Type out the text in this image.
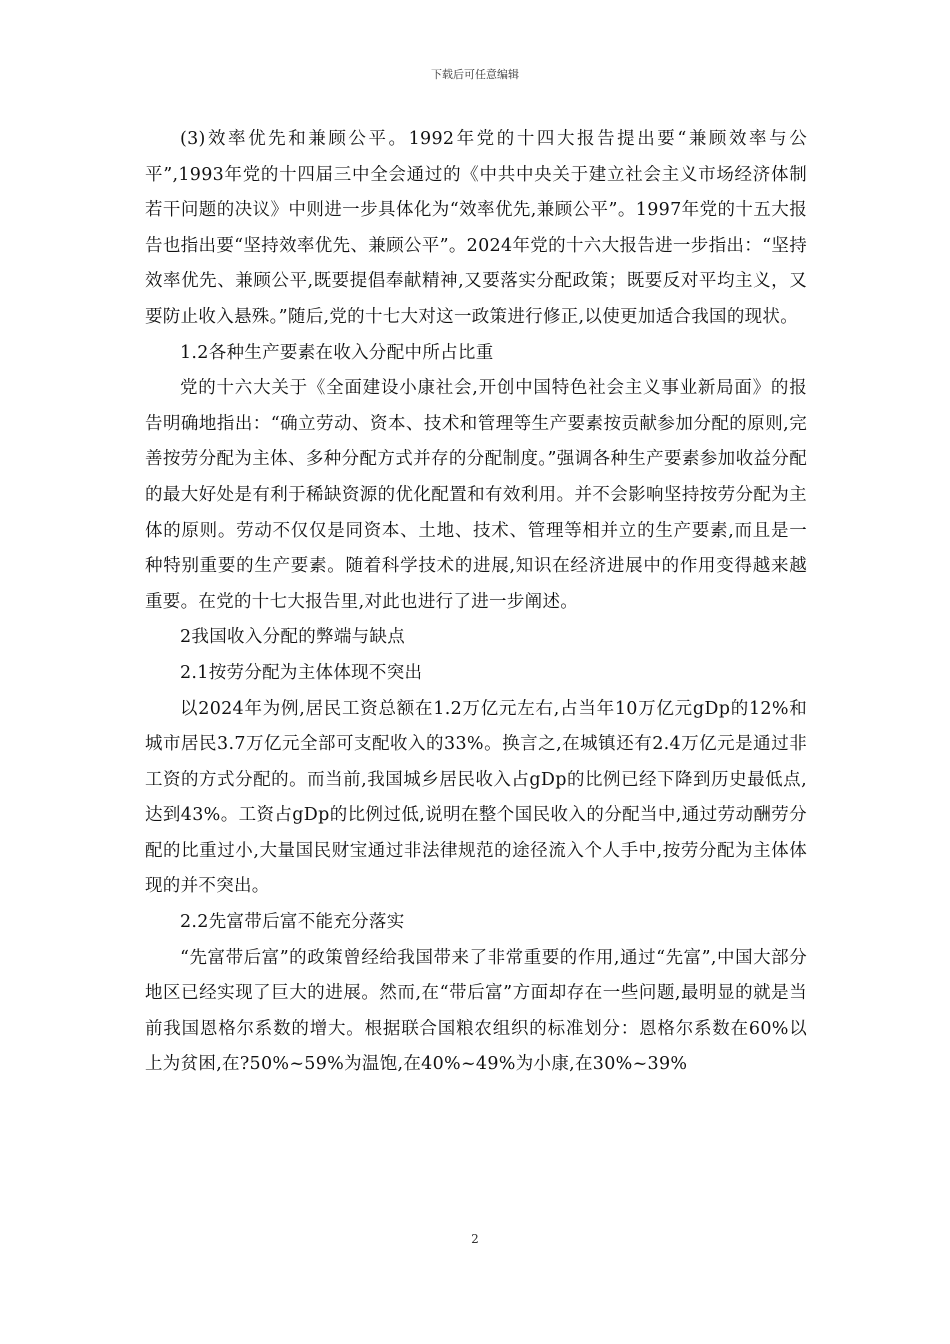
下载后可任意编辑

(3)效率优先和兼顾公平。1992年党的十四大报告提出要“兼顾效率与公平”,1993年党的十四届三中全会通过的《中共中央关于建立社会主义市场经济体制若干问题的决议》中则进一步具体化为“效率优先,兼顾公平”。1997年党的十五大报告也指出要“坚持效率优先、兼顾公平”。2024年党的十六大报告进一步指出：“坚持效率优先、兼顾公平,既要提倡奉献精神,又要落实分配政策；既要反对平均主义，又要防止收入悬殊。”随后,党的十七大对这一政策进行修正,以使更加适合我国的现状。

1.2各种生产要素在收入分配中所占比重

党的十六大关于《全面建设小康社会,开创中国特色社会主义事业新局面》的报告明确地指出：“确立劳动、资本、技术和管理等生产要素按贡献参加分配的原则,完善按劳分配为主体、多种分配方式并存的分配制度。”强调各种生产要素参加收益分配的最大好处是有利于稀缺资源的优化配置和有效利用。并不会影响坚持按劳分配为主体的原则。劳动不仅仅是同资本、土地、技术、管理等相并立的生产要素,而且是一种特别重要的生产要素。随着科学技术的进展,知识在经济进展中的作用变得越来越重要。在党的十七大报告里,对此也进行了进一步阐述。

2我国收入分配的弊端与缺点

2.1按劳分配为主体体现不突出

以2024年为例,居民工资总额在1.2万亿元左右,占当年10万亿元gDp的12%和城市居民3.7万亿元全部可支配收入的33%。换言之,在城镇还有2.4万亿元是通过非工资的方式分配的。而当前,我国城乡居民收入占gDp的比例已经下降到历史最低点,达到43%。工资占gDp的比例过低,说明在整个国民收入的分配当中,通过劳动酬劳分配的比重过小,大量国民财宝通过非法律规范的途径流入个人手中,按劳分配为主体体现的并不突出。

2.2先富带后富不能充分落实

“先富带后富”的政策曾经给我国带来了非常重要的作用,通过“先富”,中国大部分地区已经实现了巨大的进展。然而,在“带后富”方面却存在一些问题,最明显的就是当前我国恩格尔系数的增大。根据联合国粮农组织的标准划分：恩格尔系数在60%以上为贫困,在?50%~59%为温饱,在40%~49%为小康,在30%~39%

2
